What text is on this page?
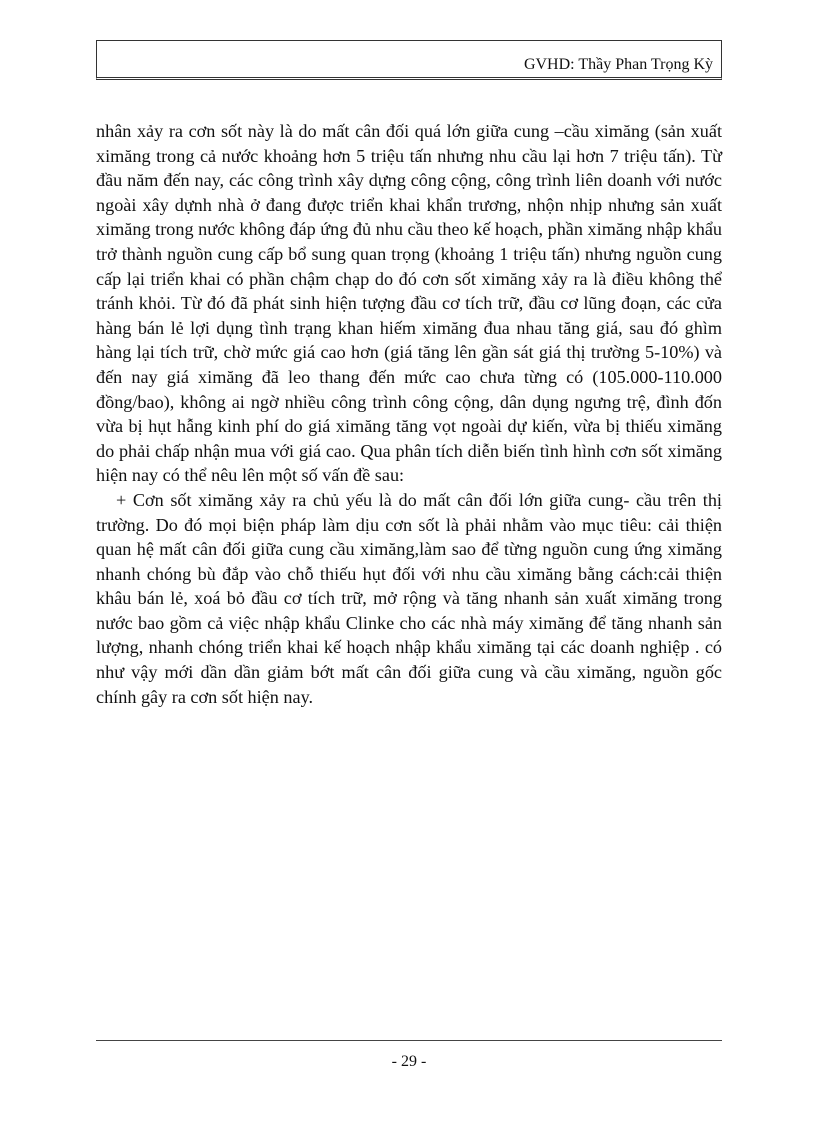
GVHD: Thầy Phan Trọng Kỳ

nhân xảy ra cơn sốt này là do mất cân đối quá lớn giữa cung –cầu ximăng (sản xuất ximăng trong cả nước khoảng hơn 5 triệu tấn nhưng nhu cầu lại hơn 7 triệu tấn). Từ đầu năm đến nay, các công trình xây dựng công cộng, công trình liên doanh với nước ngoài xây dựnh nhà ở đang được triển khai khẩn trương, nhộn nhịp nhưng sản xuất ximăng trong nước không đáp ứng đủ nhu cầu theo kế hoạch, phần ximăng nhập khẩu trở thành nguồn cung cấp bổ sung quan trọng (khoảng 1 triệu tấn) nhưng nguồn cung cấp lại triển khai có phần chậm chạp do đó cơn sốt ximăng xảy ra là điều không thể tránh khỏi. Từ đó đã phát sinh hiện tượng đầu cơ tích trữ, đầu cơ lũng đoạn, các cửa hàng bán lẻ lợi dụng tình trạng khan hiếm ximăng đua nhau tăng giá, sau đó ghìm hàng lại tích trữ, chờ mức giá cao hơn (giá tăng lên gần sát giá thị trường 5-10%) và đến nay giá ximăng đã leo thang đến mức cao chưa từng có (105.000-110.000 đồng/bao), không ai ngờ nhiều công trình công cộng, dân dụng ngưng trệ, đình đốn vừa bị hụt hẫng kinh phí do giá ximăng tăng vọt ngoài dự kiến, vừa bị thiếu ximăng do phải chấp nhận mua với giá cao. Qua phân tích diễn biến tình hình cơn sốt ximăng hiện nay có thể nêu lên một số vấn đề sau:

+ Cơn sốt ximăng xảy ra chủ yếu là do mất cân đối lớn giữa cung- cầu trên thị trường. Do đó mọi biện pháp làm dịu cơn sốt là phải nhằm vào mục tiêu: cải thiện quan hệ mất cân đối giữa cung cầu ximăng,làm sao để từng nguồn cung ứng ximăng nhanh chóng bù đắp vào chỗ thiếu hụt đối với nhu cầu ximăng bằng cách:cải thiện khâu bán lẻ, xoá bỏ đầu cơ tích trữ, mở rộng và tăng nhanh sản xuất ximăng trong nước bao gồm cả việc nhập khẩu Clinke cho các nhà máy ximăng để tăng nhanh sản lượng, nhanh chóng triển khai kế hoạch nhập khẩu ximăng tại các doanh nghiệp . có như vậy mới dần dần giảm bớt mất cân đối giữa cung và cầu ximăng, nguồn gốc chính gây ra cơn sốt hiện nay.

- 29 -
